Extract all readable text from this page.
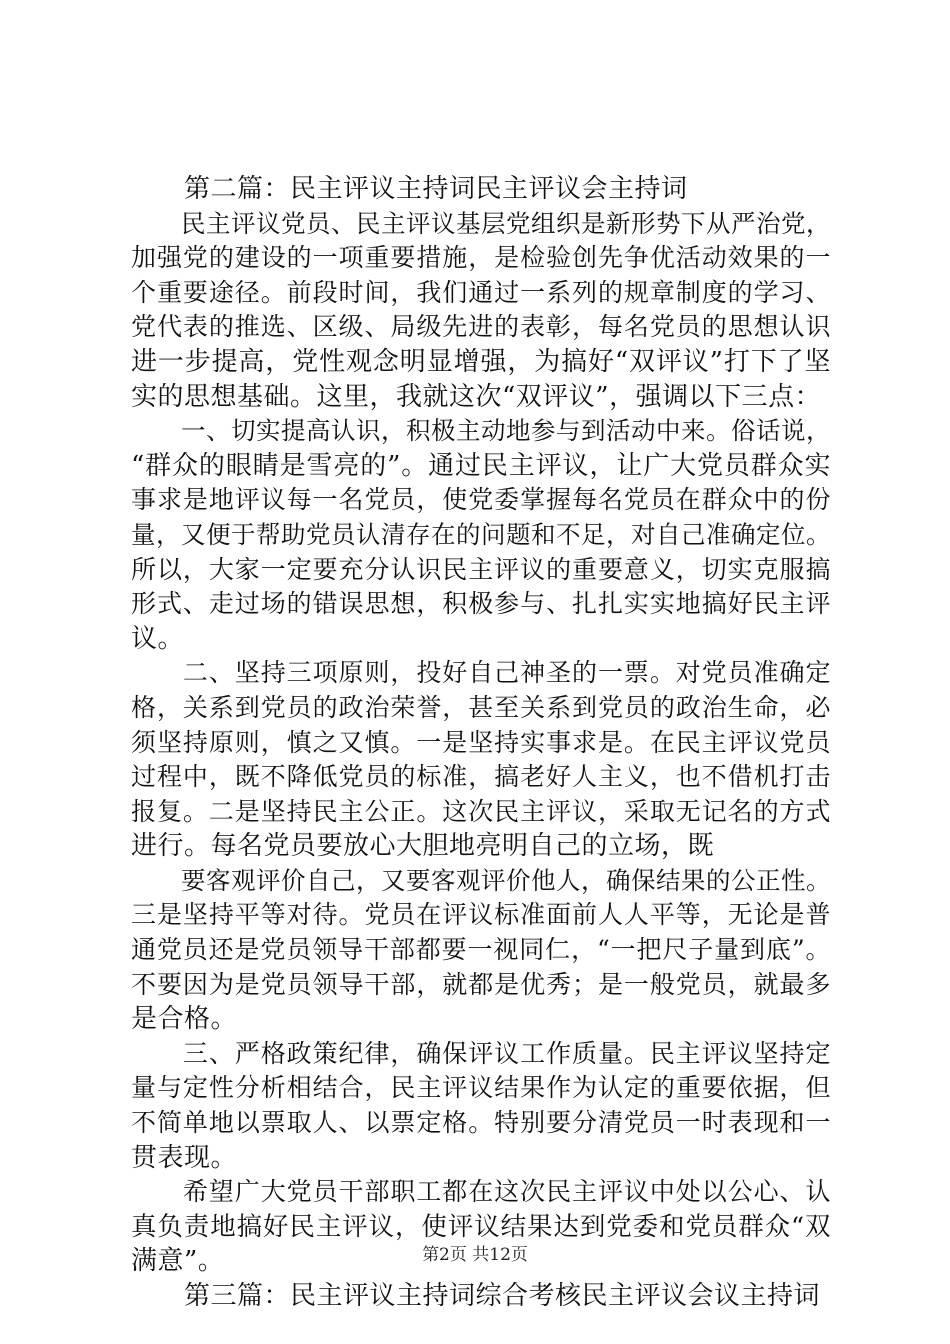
　　第二篇：民主评议主持词民主评议会主持词
　　民主评议党员、民主评议基层党组织是新形势下从严治党，
加强党的建设的一项重要措施，是检验创先争优活动效果的一
个重要途径。前段时间，我们通过一系列的规章制度的学习、
党代表的推选、区级、局级先进的表彰，每名党员的思想认识
进一步提高，党性观念明显增强，为搞好“双评议”打下了坚
实的思想基础。这里，我就这次“双评议”，强调以下三点：
　　一、切实提高认识，积极主动地参与到活动中来。俗话说，
“群众的眼睛是雪亮的”。通过民主评议，让广大党员群众实
事求是地评议每一名党员，使党委掌握每名党员在群众中的份
量，又便于帮助党员认清存在的问题和不足，对自己准确定位。
所以，大家一定要充分认识民主评议的重要意义，切实克服搞
形式、走过场的错误思想，积极参与、扎扎实实地搞好民主评
议。
　　二、坚持三项原则，投好自己神圣的一票。对党员准确定
格，关系到党员的政治荣誉，甚至关系到党员的政治生命，必
须坚持原则，慎之又慎。一是坚持实事求是。在民主评议党员
过程中，既不降低党员的标准，搞老好人主义，也不借机打击
报复。二是坚持民主公正。这次民主评议，采取无记名的方式
进行。每名党员要放心大胆地亮明自己的立场，既
　　要客观评价自己，又要客观评价他人，确保结果的公正性。
三是坚持平等对待。党员在评议标准面前人人平等，无论是普
通党员还是党员领导干部都要一视同仁，“一把尺子量到底”。
不要因为是党员领导干部，就都是优秀；是一般党员，就最多
是合格。
　　三、严格政策纪律，确保评议工作质量。民主评议坚持定
量与定性分析相结合，民主评议结果作为认定的重要依据，但
不简单地以票取人、以票定格。特别要分清党员一时表现和一
贯表现。
　　希望广大党员干部职工都在这次民主评议中处以公心、认
真负责地搞好民主评议，使评议结果达到党委和党员群众“双
满意”。
　　第三篇：民主评议主持词综合考核民主评议会议主持词
第2页 共12页
